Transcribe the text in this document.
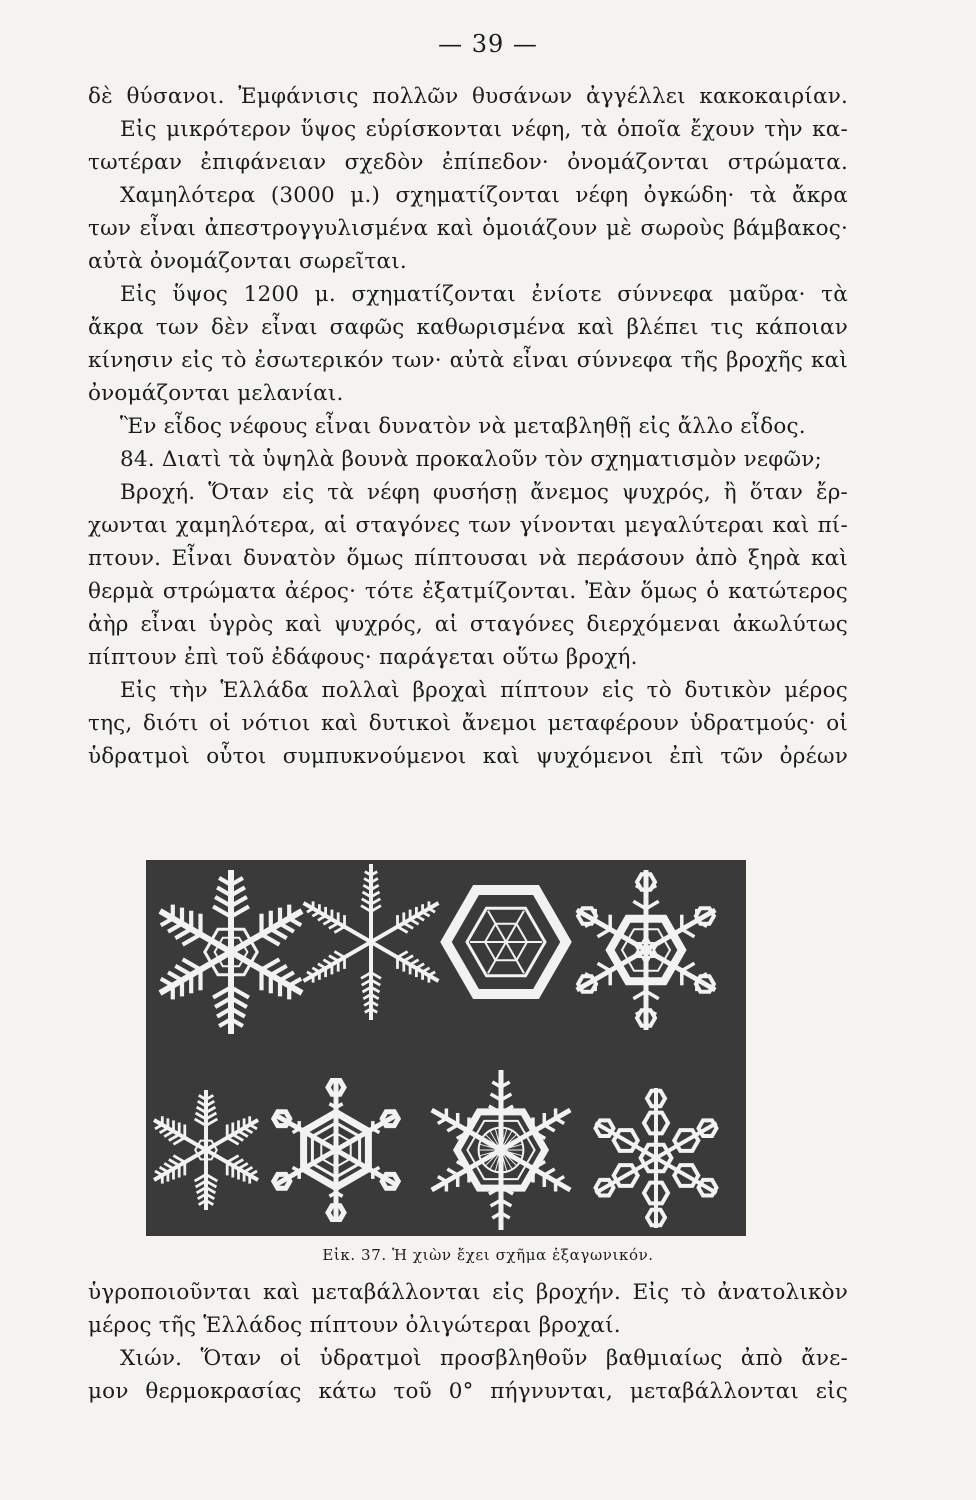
— 39 —
δὲ θύσανοι. Ἐμφάνισις πολλῶν θυσάνων ἀγγέλλει κακοκαιρίαν.
Εἰς μικρότερον ὕψος εὑρίσκονται νέφη, τὰ ὁποῖα ἔχουν τὴν κα-
τωτέραν ἐπιφάνειαν σχεδὸν ἐπίπεδον· ὀνομάζονται στρώματα.
Χαμηλότερα (3000 μ.) σχηματίζονται νέφη ὀγκώδη· τὰ ἄκρα
των εἶναι ἀπεστρογγυλισμένα καὶ ὁμοιάζουν μὲ σωροὺς βάμβακος·
αὐτὰ ὀνομάζονται σωρεῖται.
Εἰς ὕψος 1200 μ. σχηματίζονται ἐνίοτε σύννεφα μαῦρα· τὰ
ἄκρα των δὲν εἶναι σαφῶς καθωρισμένα καὶ βλέπει τις κάποιαν
κίνησιν εἰς τὸ ἐσωτερικόν των· αὐτὰ εἶναι σύννεφα τῆς βροχῆς καὶ
ὀνομάζονται μελανίαι.
Ἓν εἶδος νέφους εἶναι δυνατὸν νὰ μεταβληθῇ εἰς ἄλλο εἶδος.
84. Διατὶ τὰ ὑψηλὰ βουνὰ προκαλοῦν τὸν σχηματισμὸν νεφῶν;
Βροχή. Ὅταν εἰς τὰ νέφη φυσήσῃ ἄνεμος ψυχρός, ἢ ὅταν ἔρ-
χωνται χαμηλότερα, αἱ σταγόνες των γίνονται μεγαλύτεραι καὶ πί-
πτουν. Εἶναι δυνατὸν ὅμως πίπτουσαι νὰ περάσουν ἀπὸ ξηρὰ καὶ
θερμὰ στρώματα ἀέρος· τότε ἐξατμίζονται. Ἐὰν ὅμως ὁ κατώτερος
ἀὴρ εἶναι ὑγρὸς καὶ ψυχρός, αἱ σταγόνες διερχόμεναι ἀκωλύτως
πίπτουν ἐπὶ τοῦ ἐδάφους· παράγεται οὕτω βροχή.
Εἰς τὴν Ἑλλάδα πολλαὶ βροχαὶ πίπτουν εἰς τὸ δυτικὸν μέρος
της, διότι οἱ νότιοι καὶ δυτικοὶ ἄνεμοι μεταφέρουν ὑδρατμούς· οἱ
ὑδρατμοὶ οὗτοι συμπυκνούμενοι καὶ ψυχόμενοι ἐπὶ τῶν ὀρέων
Εἰκ. 37. Ἡ χιὼν ἔχει σχῆμα ἑξαγωνικόν.
ὑγροποιοῦνται καὶ μεταβάλλονται εἰς βροχήν. Εἰς τὸ ἀνατολικὸν
μέρος τῆς Ἑλλάδος πίπτουν ὀλιγώτεραι βροχαί.
Χιών. Ὅταν οἱ ὑδρατμοὶ προσβληθοῦν βαθμιαίως ἀπὸ ἄνε-
μον θερμοκρασίας κάτω τοῦ 0° πήγνυνται, μεταβάλλονται εἰς
